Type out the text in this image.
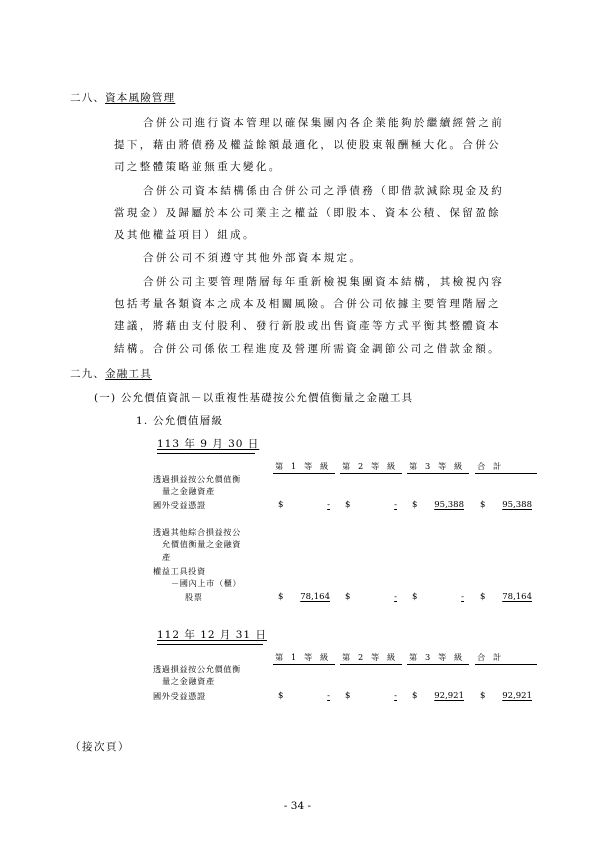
二八、資本風險管理
合併公司進行資本管理以確保集團內各企業能夠於繼續經營之前
提下，藉由將債務及權益餘額最適化，以使股東報酬極大化。合併公
司之整體策略並無重大變化。
合併公司資本結構係由合併公司之淨債務（即借款減除現金及約
當現金）及歸屬於本公司業主之權益（即股本、資本公積、保留盈餘
及其他權益項目）組成。
合併公司不須遵守其他外部資本規定。
合併公司主要管理階層每年重新檢視集團資本結構，其檢視內容
包括考量各類資本之成本及相關風險。合併公司依據主要管理階層之
建議，將藉由支付股利、發行新股或出售資產等方式平衡其整體資本
結構。合併公司係依工程進度及營運所需資金調節公司之借款金額。
二九、金融工具
(一) 公允價值資訊－以重複性基礎按公允價值衡量之金融工具
1. 公允價值層級
113 年 9 月 30 日
第 1 等 級 第 2 等 級 第 3 等 級 合 計
透過損益按公允價值衡
量之金融資產
國外受益憑證	$	- $	- $	95,388 $	95,388
透過其他綜合損益按公
允價值衡量之金融資
產
權益工具投資
－國內上市（櫃）
股票	$	78,164 $	- $	- $	78,164
112 年 12 月 31 日
第 1 等 級 第 2 等 級 第 3 等 級 合 計
透過損益按公允價值衡
量之金融資產
國外受益憑證	$	- $	- $	92,921 $	92,921
（接次頁）
- 34 -
